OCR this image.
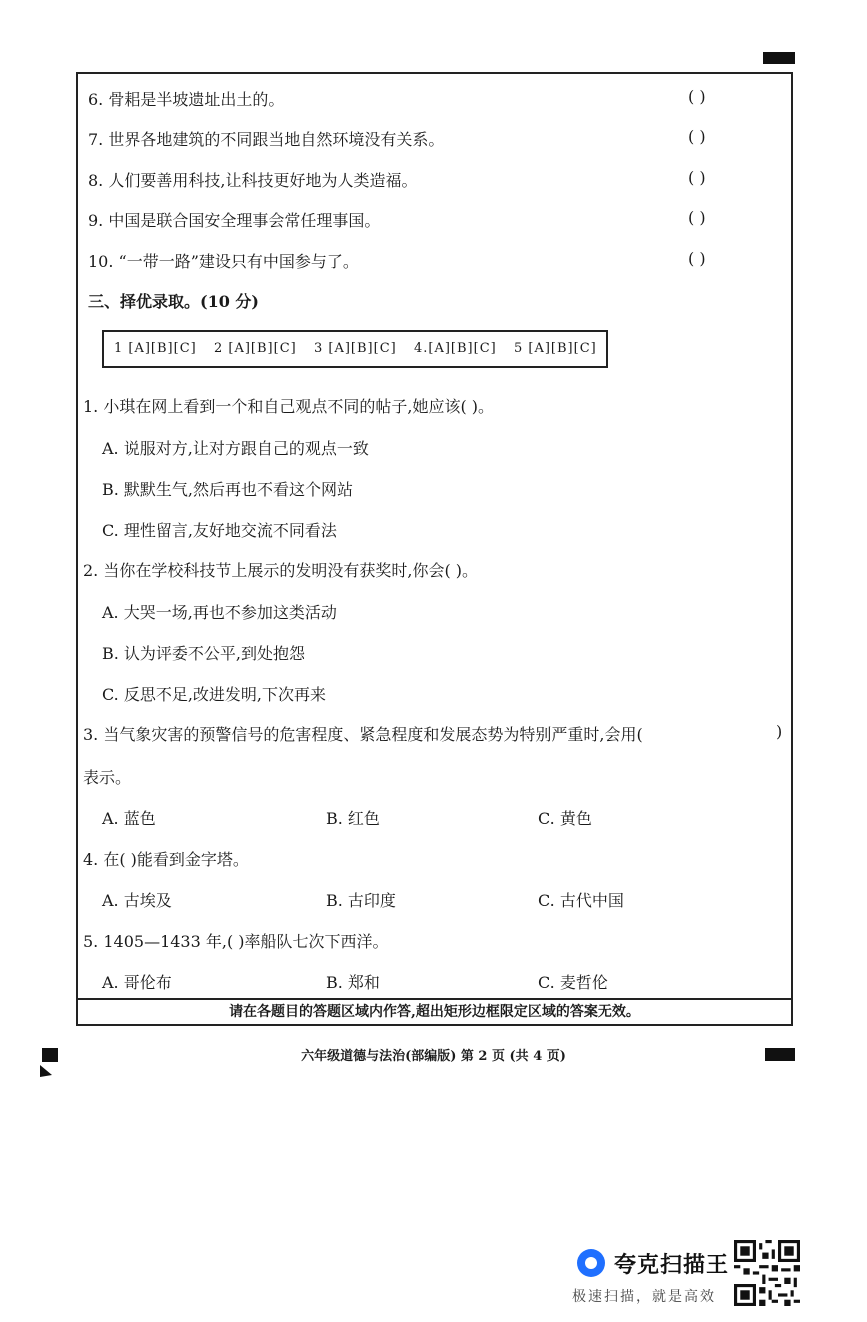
6. 骨耜是半坡遗址出土的。	( )
7. 世界各地建筑的不同跟当地自然环境没有关系。	( )
8. 人们要善用科技,让科技更好地为人类造福。	( )
9. 中国是联合国安全理事会常任理事国。	( )
10. “一带一路”建设只有中国参与了。	( )
三、择优录取。(10 分)
1 [A][B][C] 2 [A][B][C] 3 [A][B][C] 4.[A][B][C] 5 [A][B][C]
1. 小琪在网上看到一个和自己观点不同的帖子,她应该( )。
A. 说服对方,让对方跟自己的观点一致
B. 默默生气,然后再也不看这个网站
C. 理性留言,友好地交流不同看法
2. 当你在学校科技节上展示的发明没有获奖时,你会( )。
A. 大哭一场,再也不参加这类活动
B. 认为评委不公平,到处抱怨
C. 反思不足,改进发明,下次再来
3. 当气象灾害的预警信号的危害程度、紧急程度和发展态势为特别严重时,会用(	)
表示。
A. 蓝色	B. 红色	C. 黄色
4. 在( )能看到金字塔。
A. 古埃及	B. 古印度	C. 古代中国
5. 1405—1433 年,( )率船队七次下西洋。
A. 哥伦布	B. 郑和	C. 麦哲伦
请在各题目的答题区域内作答,超出矩形边框限定区域的答案无效。
六年级道德与法治(部编版) 第 2 页 (共 4 页)
夸克扫描王
极速扫描，就是高效
